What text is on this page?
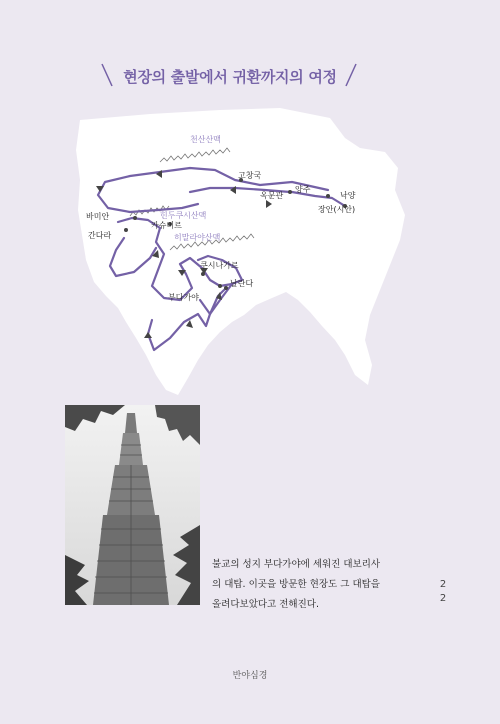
현장의 출발에서 귀환까지의 여정
천산산맥
고창국
옥문관
양주
낙양
장안(시안)
바미안	힌두쿠시산맥
카슈미르
간다라	히말라야산맥
쿠시나가르
날란다
부다가야
불교의 성지 부다가야에 세워진 대보리사
의 대탑. 이곳을 방문한 현장도 그 대탑을
올려다보았다고 전해진다.
2
2
반야심경
